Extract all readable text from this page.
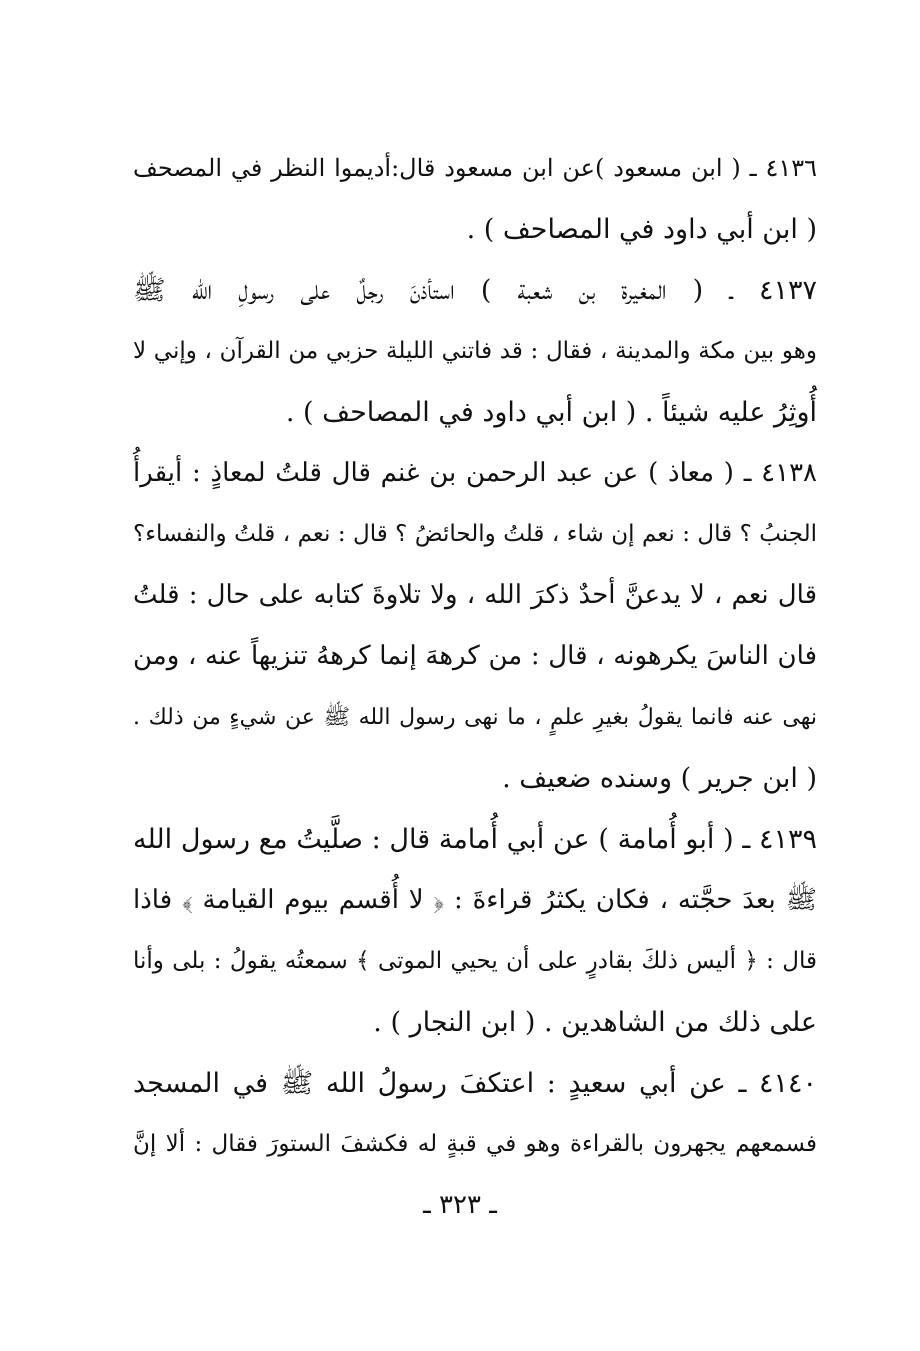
٤١٣٦ ـ ( ابن مسعود )عن ابن مسعود قال:أديموا النظر في المصحف
( ابن أبي داود في المصاحف ) .
٤١٣٧ ـ ( المغيرة بن شعبة ) استأذنَ رجلٌ على رسولِ الله ﷺ
وهو بين مكة والمدينة ، فقال : قد فاتني الليلة حزبي من القرآن ، وإني لا
أُوثِرُ عليه شيئاً . ( ابن أبي داود في المصاحف ) .
٤١٣٨ ـ ( معاذ ) عن عبد الرحمن بن غنم قال قلتُ لمعاذٍ : أيقرأُ
الجنبُ ؟ قال : نعم إن شاء ، قلتُ والحائضُ ؟ قال : نعم ، قلتُ والنفساء؟
قال نعم ، لا يدعنَّ أحدٌ ذكرَ الله ، ولا تلاوةَ كتابه على حال : قلتُ
فان الناسَ يكرهونه ، قال : من كرههَ إنما كرههُ تنزيهاً عنه ، ومن
نهى عنه فانما يقولُ بغيرِ علمٍ ، ما نهى رسول الله ﷺ عن شيءٍ من ذلك .
( ابن جرير ) وسنده ضعيف .
٤١٣٩ ـ ( أبو أُمامة ) عن أبي أُمامة قال : صلَّيتُ مع رسول الله
ﷺ بعدَ حجَّته ، فكان يكثرُ قراءةَ : ﴿ لا أُقسم بيوم القيامة ﴾ فاذا
قال : ﴿ أليس ذلكَ بقادرٍ على أن يحيي الموتى ﴾ سمعتُه يقولُ : بلى وأنا
على ذلك من الشاهدين . ( ابن النجار ) .
٤١٤٠ ـ عن أبي سعيدٍ : اعتكفَ رسولُ الله ﷺ في المسجد
فسمعهم يجهرون بالقراءة وهو في قبةٍ له فكشفَ الستورَ فقال : ألا إنَّ
ـ ٣٢٣ ـ
